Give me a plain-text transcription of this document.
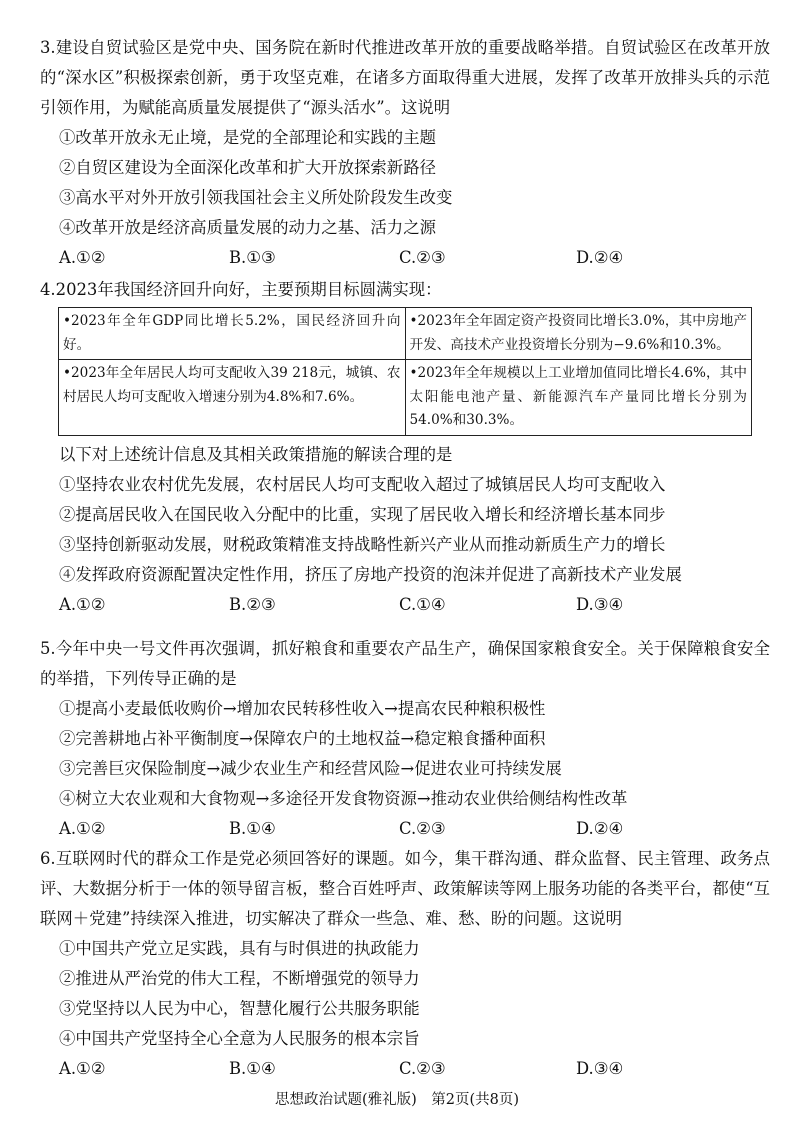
3.建设自贸试验区是党中央、国务院在新时代推进改革开放的重要战略举措。自贸试验区在改革开放的“深水区”积极探索创新，勇于攻坚克难，在诸多方面取得重大进展，发挥了改革开放排头兵的示范引领作用，为赋能高质量发展提供了“源头活水”。这说明

①改革开放永无止境，是党的全部理论和实践的主题

②自贸区建设为全面深化改革和扩大开放探索新路径

③高水平对外开放引领我国社会主义所处阶段发生改变

④改革开放是经济高质量发展的动力之基、活力之源

A.①②	B.①③	C.②③	D.②④

4.2023年我国经济回升向好，主要预期目标圆满实现：

•2023年全年GDP同比增长5.2%，国民经济回升向好。	•2023年全年固定资产投资同比增长3.0%，其中房地产开发、高技术产业投资增长分别为−9.6%和10.3%。

•2023年全年居民人均可支配收入39 218元，城镇、农村居民人均可支配收入增速分别为4.8%和7.6%。	•2023年全年规模以上工业增加值同比增长4.6%，其中太阳能电池产量、新能源汽车产量同比增长分别为54.0%和30.3%。

以下对上述统计信息及其相关政策措施的解读合理的是

①坚持农业农村优先发展，农村居民人均可支配收入超过了城镇居民人均可支配收入

②提高居民收入在国民收入分配中的比重，实现了居民收入增长和经济增长基本同步

③坚持创新驱动发展，财税政策精准支持战略性新兴产业从而推动新质生产力的增长

④发挥政府资源配置决定性作用，挤压了房地产投资的泡沫并促进了高新技术产业发展

A.①②	B.②③	C.①④	D.③④

5.今年中央一号文件再次强调，抓好粮食和重要农产品生产，确保国家粮食安全。关于保障粮食安全的举措，下列传导正确的是

①提高小麦最低收购价→增加农民转移性收入→提高农民种粮积极性

②完善耕地占补平衡制度→保障农户的土地权益→稳定粮食播种面积

③完善巨灾保险制度→减少农业生产和经营风险→促进农业可持续发展

④树立大农业观和大食物观→多途径开发食物资源→推动农业供给侧结构性改革

A.①②	B.①④	C.②③	D.②④

6.互联网时代的群众工作是党必须回答好的课题。如今，集干群沟通、群众监督、民主管理、政务点评、大数据分析于一体的领导留言板，整合百姓呼声、政策解读等网上服务功能的各类平台，都使“互联网＋党建”持续深入推进，切实解决了群众一些急、难、愁、盼的问题。这说明

①中国共产党立足实践，具有与时俱进的执政能力

②推进从严治党的伟大工程，不断增强党的领导力

③党坚持以人民为中心，智慧化履行公共服务职能

④中国共产党坚持全心全意为人民服务的根本宗旨

A.①②	B.①④	C.②③	D.③④
思想政治试题(雅礼版)　第2页(共8页)
